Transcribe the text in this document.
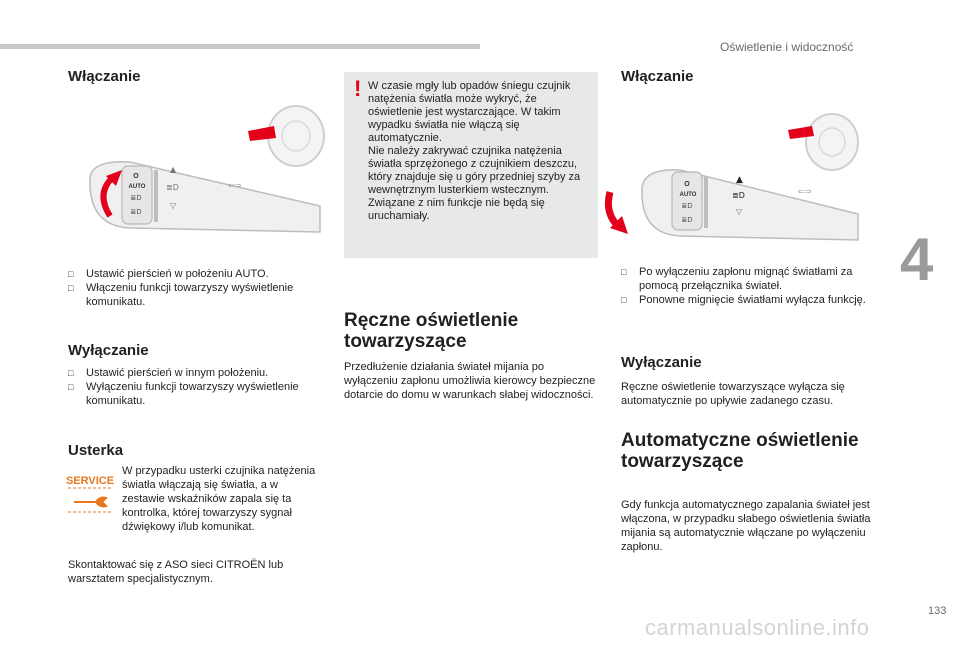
Oświetlenie i widoczność
4
133
carmanualsonline.info
Włączanie
O
AUTO
≣D
≣D
▲
≣D
▽
⇐⇒
□ Ustawić pierścień w położeniu AUTO.
□ Włączeniu funkcji towarzyszy wyświetlenie komunikatu.
Wyłączanie
□ Ustawić pierścień w innym położeniu.
□ Wyłączeniu funkcji towarzyszy wyświetlenie komunikatu.
Usterka
SERVICE

W przypadku usterki czujnika natężenia światła włączają się światła, a w zestawie wskaźników zapala się ta kontrolka, której towarzyszy sygnał dźwiękowy i/lub komunikat.

Skontaktować się z ASO sieci CITROËN lub warsztatem specjalistycznym.

! W czasie mgły lub opadów śniegu czujnik natężenia światła może wykryć, że oświetlenie jest wystarczające. W takim wypadku światła nie włączą się automatycznie.
Nie należy zakrywać czujnika natężenia światła sprzężonego z czujnikiem deszczu, który znajduje się u góry przedniej szyby za wewnętrznym lusterkiem wstecznym. Związane z nim funkcje nie będą się uruchamiały.

Ręczne oświetlenie
towarzyszące

Przedłużenie działania świateł mijania po wyłączeniu zapłonu umożliwia kierowcy bezpieczne dotarcie do domu w warunkach słabej widoczności.

Włączanie
O
AUTO
≣D
≣D
▲
≣D
▽
⇐⇒
□ Po wyłączeniu zapłonu mignąć światłami za pomocą przełącznika świateł.
□ Ponowne mignięcie światłami wyłącza funkcję.
Wyłączanie

Ręczne oświetlenie towarzyszące wyłącza się automatycznie po upływie zadanego czasu.

Automatyczne oświetlenie
towarzyszące

Gdy funkcja automatycznego zapalania świateł jest włączona, w przypadku słabego oświetlenia światła mijania są automatycznie włączane po wyłączeniu zapłonu.
